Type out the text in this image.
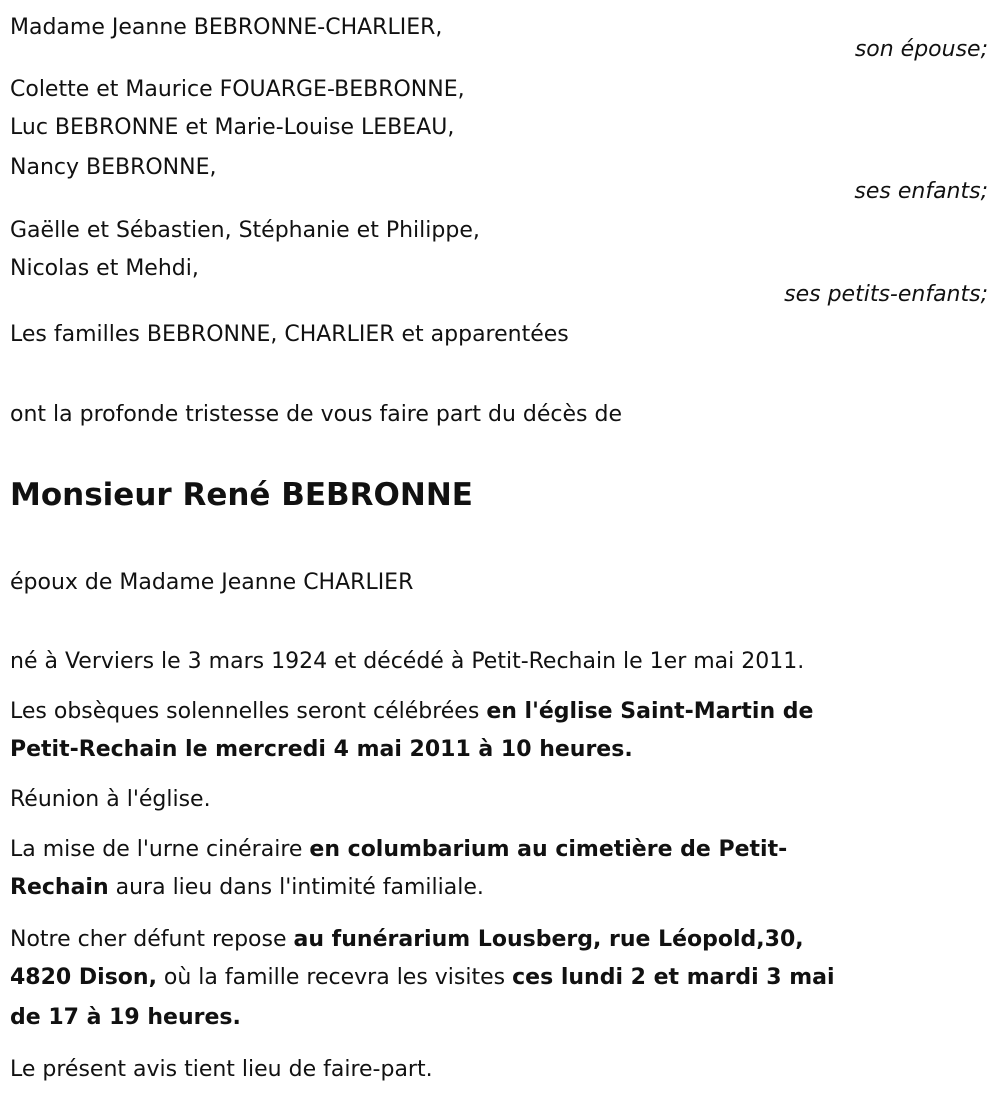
Madame Jeanne BEBRONNE-CHARLIER,
son épouse;
Colette et Maurice FOUARGE-BEBRONNE,
Luc BEBRONNE et Marie-Louise LEBEAU,
Nancy BEBRONNE,
ses enfants;
Gaëlle et Sébastien, Stéphanie et Philippe,
Nicolas et Mehdi,
ses petits-enfants;
Les familles BEBRONNE, CHARLIER et apparentées
ont la profonde tristesse de vous faire part du décès de
Monsieur René BEBRONNE
époux de Madame Jeanne CHARLIER
né à Verviers le 3 mars 1924 et décédé à Petit-Rechain le 1er mai 2011.
Les obsèques solennelles seront célébrées en l'église Saint-Martin de
Petit-Rechain le mercredi 4 mai 2011 à 10 heures.
Réunion à l'église.
La mise de l'urne cinéraire en columbarium au cimetière de Petit-
Rechain aura lieu dans l'intimité familiale.
Notre cher défunt repose au funérarium Lousberg, rue Léopold,30,
4820 Dison, où la famille recevra les visites ces lundi 2 et mardi 3 mai
de 17 à 19 heures.
Le présent avis tient lieu de faire-part.
